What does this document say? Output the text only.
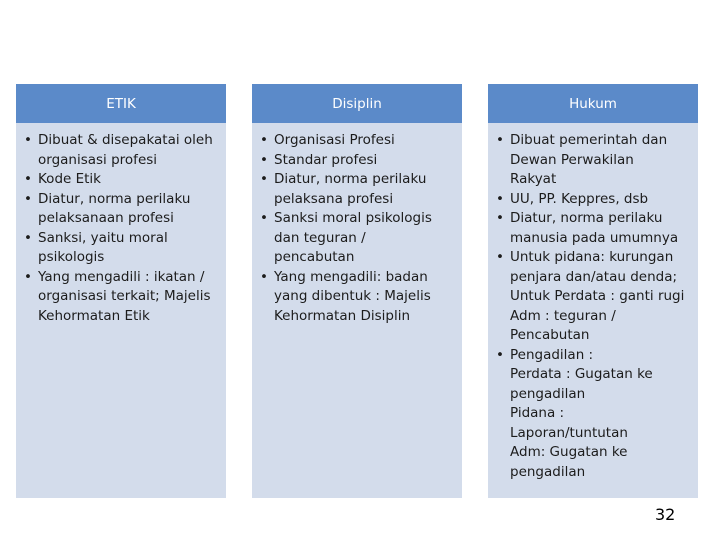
ETIK
• Dibuat & disepakatai oleh
organisasi profesi
• Kode Etik
• Diatur, norma perilaku
pelaksanaan profesi
• Sanksi, yaitu moral
psikologis
• Yang mengadili : ikatan /
organisasi terkait; Majelis
Kehormatan Etik
Disiplin
• Organisasi Profesi
• Standar profesi
• Diatur, norma perilaku
pelaksana profesi
• Sanksi moral psikologis
dan teguran /
pencabutan
• Yang mengadili: badan
yang dibentuk : Majelis
Kehormatan Disiplin
Hukum
• Dibuat pemerintah dan
Dewan Perwakilan
Rakyat
• UU, PP. Keppres, dsb
• Diatur, norma perilaku
manusia pada umumnya
• Untuk pidana: kurungan
penjara dan/atau denda;
Untuk Perdata : ganti rugi
Adm : teguran /
Pencabutan
• Pengadilan :
Perdata : Gugatan ke
pengadilan
Pidana :
Laporan/tuntutan
Adm: Gugatan ke
pengadilan
32
